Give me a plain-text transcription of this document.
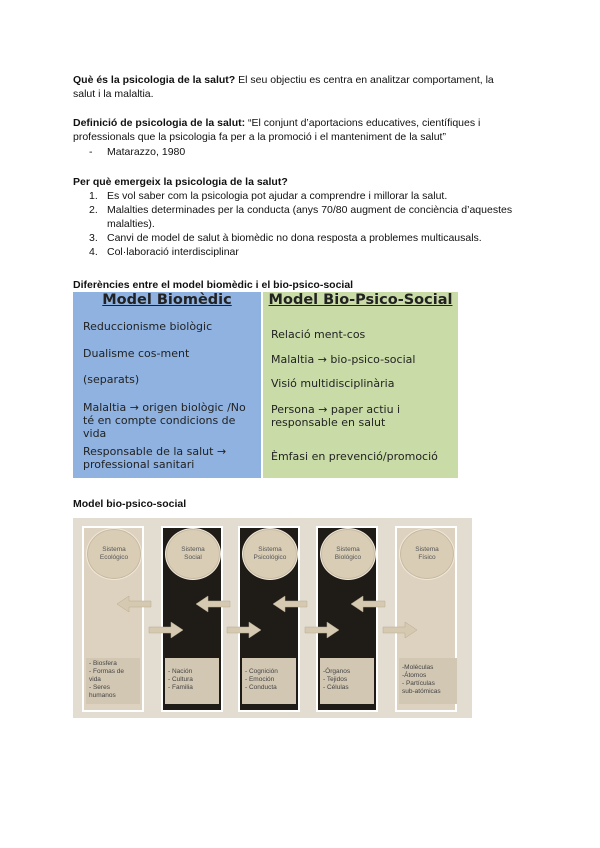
Què és la psicologia de la salut? El seu objectiu es centra en analitzar comportament, la
salut i la malaltia.
Definició de psicologia de la salut: “El conjunt d’aportacions educatives, científiques i
professionals que la psicologia fa per a la promoció i el manteniment de la salut”
- Matarazzo, 1980
Per què emergeix la psicologia de la salut?
1. Es vol saber com la psicologia pot ajudar a comprendre i millorar la salut.
2. Malalties determinades per la conducta (anys 70/80 augment de conciència d’aquestes malalties).
3. Canvi de model de salut à biomèdic no dona resposta a problemes multicausals.
4. Col·laboració interdisciplinar
Diferències entre el model biomèdic i el bio-psico-social
Model Biomèdic
Reduccionisme biològic
Dualisme cos-ment
(separats)
Malaltia → origen biològic /No té en compte condicions de vida
Responsable de la salut → professional sanitari
Model Bio-Psico-Social
Relació ment-cos
Malaltia → bio-psico-social
Visió multidisciplinària
Persona → paper actiu i responsable en salut
Èmfasi en prevenció/promoció
Model bio-psico-social
Sistema
Ecológico
Sistema
Social
Sistema
Psicológico
Sistema
Biológico
Sistema
Físico
- Biosfera
- Formas de
vida
- Seres
humanos
- Nación
- Cultura
- Familia
- Cognición
- Emoción
- Conducta
-Órganos
- Tejidos
- Células
-Moléculas
-Átomos
- Partículas
sub-atómicas
